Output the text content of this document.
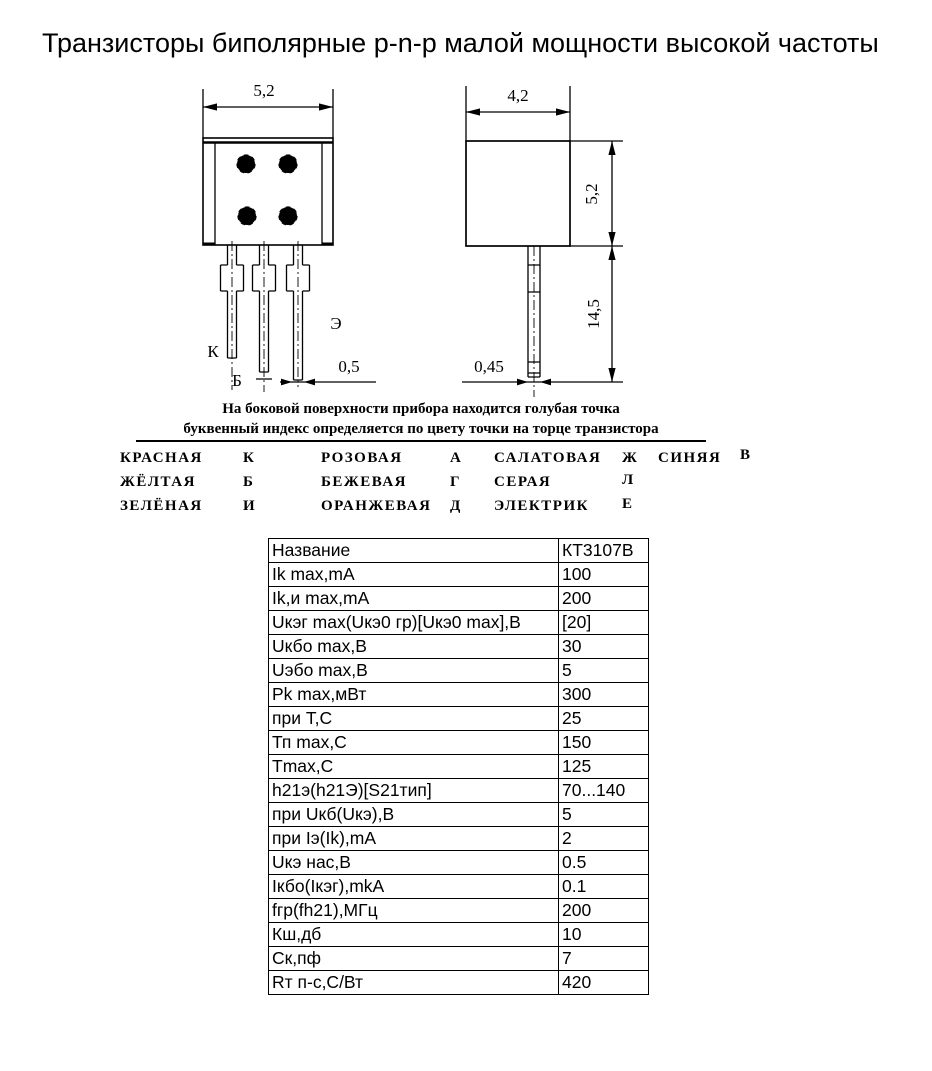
Транзисторы биполярные p-n-p малой мощности высокой частоты
5,2
К
Б
Э
0,5
4,2
5,2
14,5
0,45
На боковой поверхности прибора находится голубая точка
буквенный индекс определяется по цвету точки на торце транзистора
КРАСНАЯ	К	РОЗОВАЯ	А САЛАТОВАЯ Ж СИНЯЯ В
ЖЁЛТАЯ	Б	БЕЖЕВАЯ	Г СЕРАЯ	Л
ЗЕЛЁНАЯ	И	ОРАНЖЕВАЯ Д ЭЛЕКТРИК Е
Название	КТ3107В
Ik max,mA	100
Ik,и max,mA	200
Uкэг max(Uкэ0 гр)[Uкэ0 max],B	[20]
Uкбо max,B	30
Uэбо max,B	5
Pk max,мВт	300
при T,C	25
Тп max,C	150
Tmax,C	125
h21э(h21Э)[S21тип]	70...140
при Uкб(Uкэ),B	5
при Iэ(Ik),mA	2
Uкэ нас,B	0.5
Iкбо(Iкэг),mkA	0.1
fгр(fh21),МГц	200
Кш,дб	10
Ск,пф	7
Rт п-с,C/Вт	420
